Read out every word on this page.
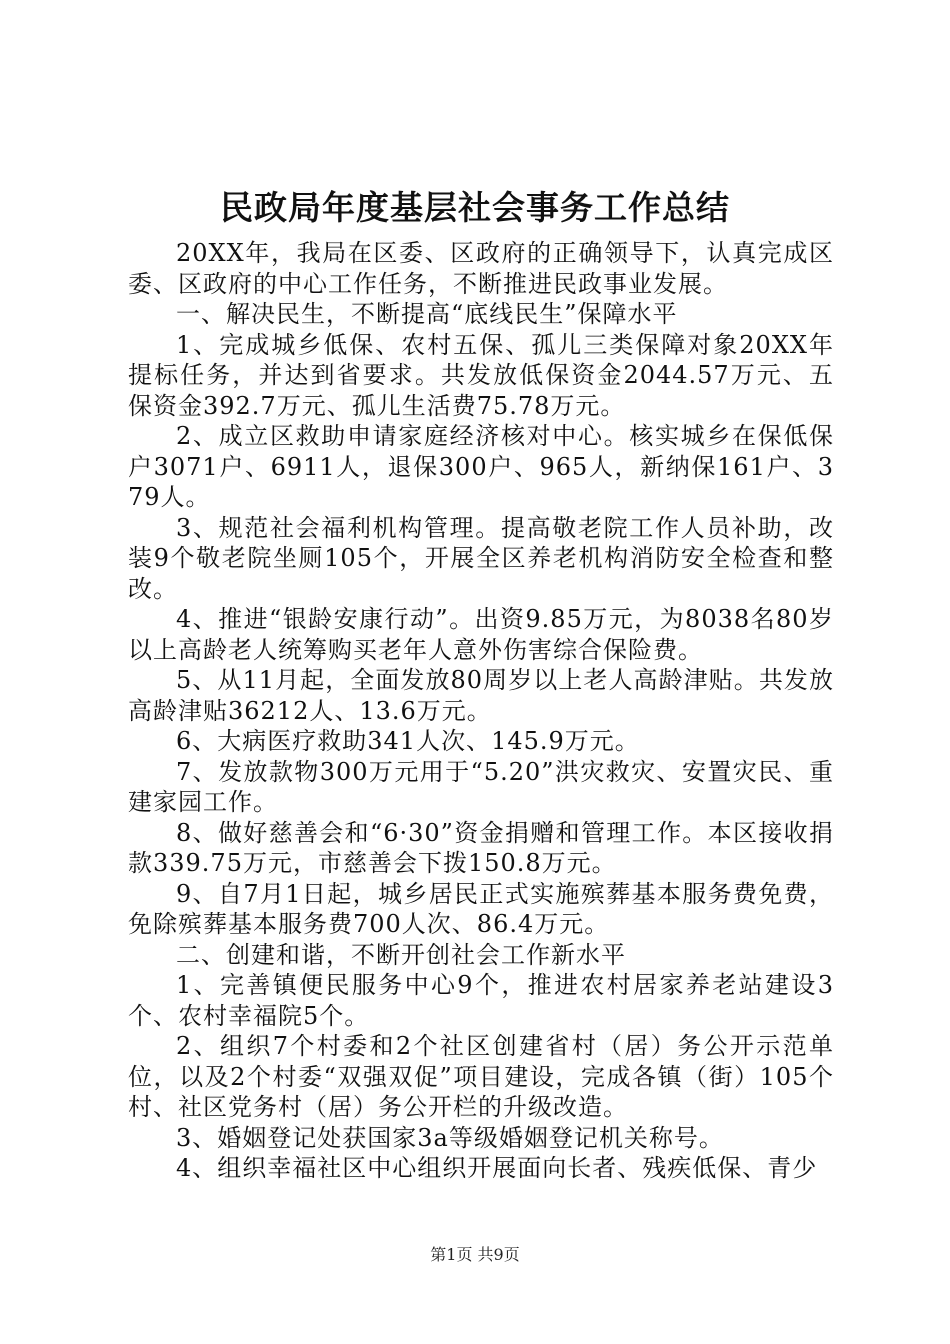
民政局年度基层社会事务工作总结

20XX年，我局在区委、区政府的正确领导下，认真完成区委、区政府的中心工作任务，不断推进民政事业发展。

一、解决民生，不断提高“底线民生”保障水平

1、完成城乡低保、农村五保、孤儿三类保障对象20XX年提标任务，并达到省要求。共发放低保资金2044.57万元、五保资金392.7万元、孤儿生活费75.78万元。

2、成立区救助申请家庭经济核对中心。核实城乡在保低保户3071户、6911人，退保300户、965人，新纳保161户、379人。

3、规范社会福利机构管理。提高敬老院工作人员补助，改装9个敬老院坐厕105个，开展全区养老机构消防安全检查和整改。

4、推进“银龄安康行动”。出资9.85万元，为8038名80岁以上高龄老人统筹购买老年人意外伤害综合保险费。

5、从11月起，全面发放80周岁以上老人高龄津贴。共发放高龄津贴36212人、13.6万元。

6、大病医疗救助341人次、145.9万元。

7、发放款物300万元用于“5.20”洪灾救灾、安置灾民、重建家园工作。

8、做好慈善会和“6·30”资金捐赠和管理工作。本区接收捐款339.75万元，市慈善会下拨150.8万元。

9、自7月1日起，城乡居民正式实施殡葬基本服务费免费，免除殡葬基本服务费700人次、86.4万元。

二、创建和谐，不断开创社会工作新水平

1、完善镇便民服务中心9个，推进农村居家养老站建设3个、农村幸福院5个。

2、组织7个村委和2个社区创建省村（居）务公开示范单位，以及2个村委“双强双促”项目建设，完成各镇（街）105个村、社区党务村（居）务公开栏的升级改造。

3、婚姻登记处获国家3a等级婚姻登记机关称号。

4、组织幸福社区中心组织开展面向长者、残疾低保、青少

第1页 共9页
